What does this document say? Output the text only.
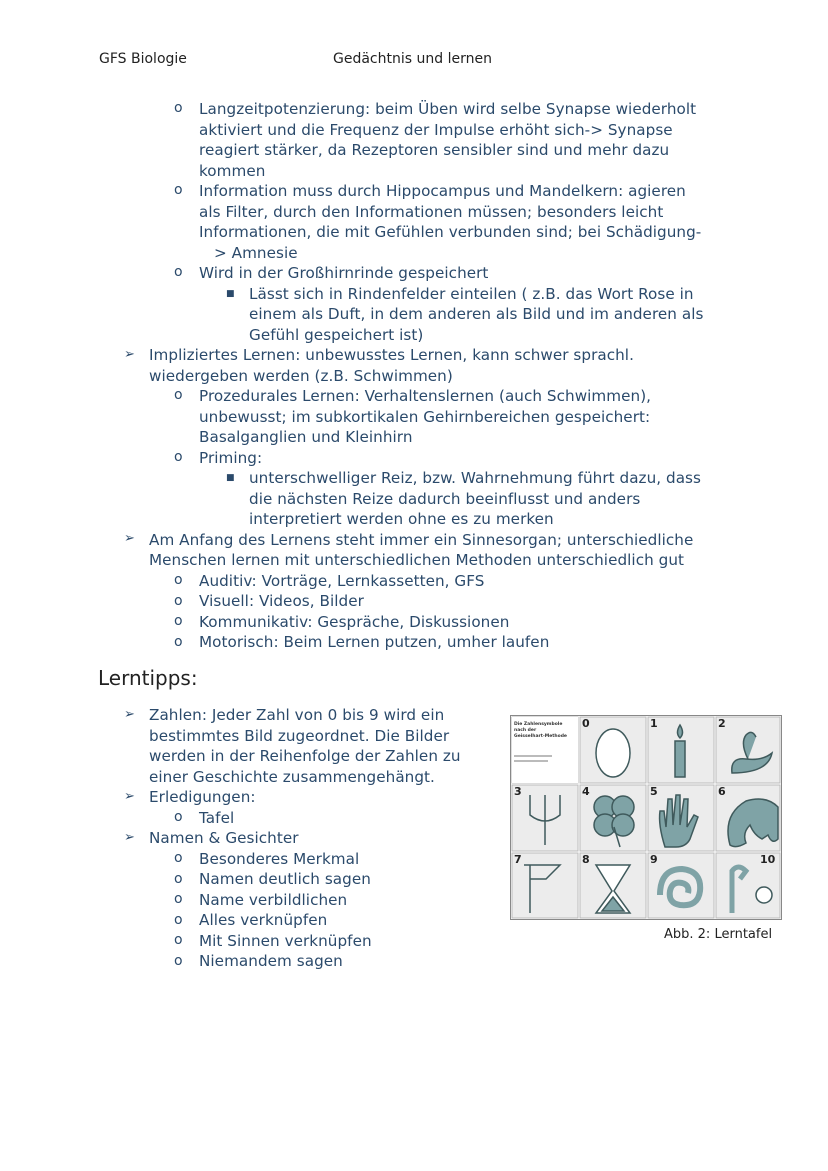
GFS Biologie	Gedächtnis und lernen
o Langzeitpotenzierung: beim Üben wird selbe Synapse wiederholt
aktiviert und die Frequenz der Impulse erhöht sich-> Synapse
reagiert stärker, da Rezeptoren sensibler sind und mehr dazu
kommen
o Information muss durch Hippocampus und Mandelkern: agieren
als Filter, durch den Informationen müssen; besonders leicht
Informationen, die mit Gefühlen verbunden sind; bei Schädigung-
> Amnesie
o Wird in der Großhirnrinde gespeichert
■ Lässt sich in Rindenfelder einteilen ( z.B. das Wort Rose in
einem als Duft, in dem anderen als Bild und im anderen als
Gefühl gespeichert ist)
➢ Impliziertes Lernen: unbewusstes Lernen, kann schwer sprachl.
wiedergeben werden (z.B. Schwimmen)
o Prozedurales Lernen: Verhaltenslernen (auch Schwimmen),
unbewusst; im subkortikalen Gehirnbereichen gespeichert:
Basalganglien und Kleinhirn
o Priming:
■ unterschwelliger Reiz, bzw. Wahrnehmung führt dazu, dass
die nächsten Reize dadurch beeinflusst und anders
interpretiert werden ohne es zu merken
➢ Am Anfang des Lernens steht immer ein Sinnesorgan; unterschiedliche
Menschen lernen mit unterschiedlichen Methoden unterschiedlich gut
o Auditiv: Vorträge, Lernkassetten, GFS
o Visuell: Videos, Bilder
o Kommunikativ: Gespräche, Diskussionen
o Motorisch: Beim Lernen putzen, umher laufen
Lerntipps:
➢ Zahlen: Jeder Zahl von 0 bis 9 wird ein
bestimmtes Bild zugeordnet. Die Bilder
werden in der Reihenfolge der Zahlen zu
einer Geschichte zusammengehängt.
➢ Erledigungen:
o Tafel
➢ Namen & Gesichter
o Besonderes Merkmal
o Namen deutlich sagen
o Name verbildlichen
o Alles verknüpfen
o Mit Sinnen verknüpfen
o Niemandem sagen
Die Zahlensymbole
nach der
Geisselhart-Methode
0	1	2
3	4	5	6
7	8	9	10
Abb. 2: Lerntafel
